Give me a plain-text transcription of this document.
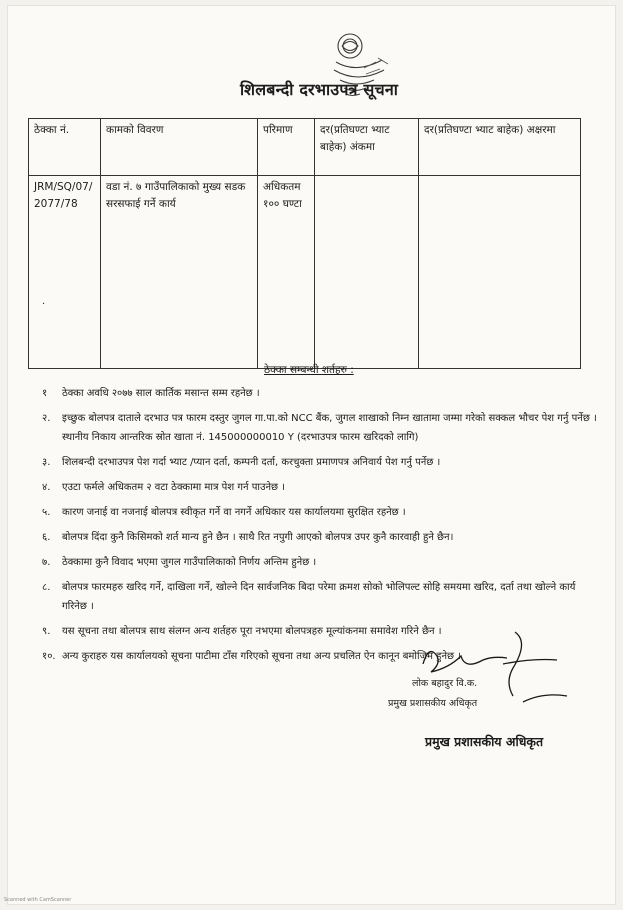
शिलबन्दी दरभाउपत्र सूचना
ठेक्का नं.	कामको विवरण	परिमाण	दर(प्रतिघण्टा भ्याट बाहेक) अंकमा	दर(प्रतिघण्टा भ्याट बाहेक) अक्षरमा
JRM/SQ/07/ 2077/78	वडा नं. ७ गाउँपालिकाको मुख्य सडक सरसफाई गर्ने कार्य	अधिकतम १०० घण्टा		
·
ठेक्का सम्बन्धी शर्तहरु :
१	ठेक्का अवधि २०७७ साल कार्तिक मसान्त सम्म रहनेछ ।
२.	इच्छुक बोलपत्र दाताले दरभाउ पत्र फारम दस्तुर जुगल गा.पा.को NCC बैंक, जुगल शाखाको निम्न खातामा जम्मा गरेको सक्कल भौचर पेश गर्नु पर्नेछ । स्थानीय निकाय आन्तरिक स्रोत खाता नं. 145000000010 Y (दरभाउपत्र फारम खरिदको लागि)
३.	शिलबन्दी दरभाउपत्र पेश गर्दा भ्याट /प्यान दर्ता, कम्पनी दर्ता, करचुक्ता प्रमाणपत्र अनिवार्य पेश गर्नु पर्नेछ ।
४.	एउटा फर्मले अधिकतम २ वटा ठेक्कामा मात्र पेश गर्न पाउनेछ ।
५.	कारण जनाई वा नजनाई बोलपत्र स्वीकृत गर्ने वा नगर्ने अधिकार यस कार्यालयमा सुरक्षित रहनेछ ।
६.	बोलपत्र दिंदा कुनै किसिमको शर्त मान्य हुने छैन । साथै रित नपुगी आएको बोलपत्र उपर कुनै कारवाही हुने छैन।
७.	ठेक्कामा कुनै विवाद भएमा जुगल गाउँपालिकाको निर्णय अन्तिम हुनेछ ।
८.	बोलपत्र फारमहरु खरिद गर्ने, दाखिला गर्ने, खोल्ने दिन सार्वजनिक बिदा परेमा क्रमश सोको भोलिपल्ट सोहि समयमा खरिद, दर्ता तथा खोल्ने कार्य गरिनेछ ।
९.	यस सूचना तथा बोलपत्र साथ संलग्न अन्य शर्तहरु पूरा नभएमा बोलपत्रहरु मूल्यांकनमा समावेश गरिने छैन ।
१०. अन्य कुराहरु यस कार्यालयको सूचना पाटीमा टाँस गरिएको सूचना तथा अन्य प्रचलित ऐन कानून बमोजिम हुनेछ ।
लोक बहादुर वि.क.
प्रमुख प्रशासकीय अधिकृत
प्रमुख प्रशासकीय अधिकृत
Scanned with CamScanner
